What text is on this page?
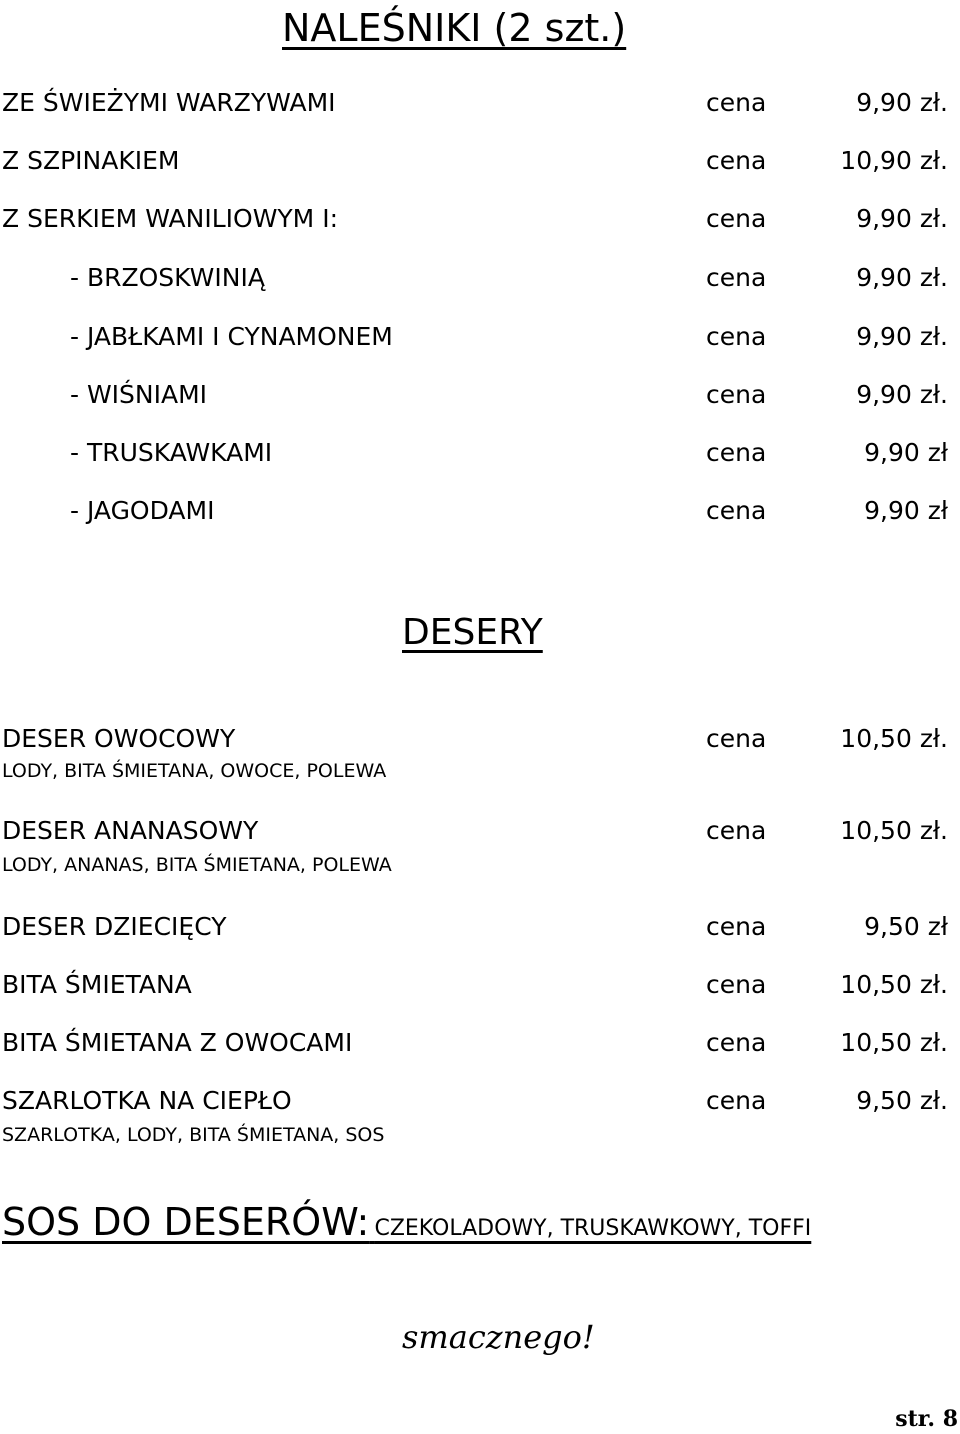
NALEŚNIKI (2 szt.)
ZE ŚWIEŻYMI WARZYWAMI	cena	9,90 zł.
Z SZPINAKIEM	cena	10,90 zł.
Z SERKIEM WANILIOWYM I:	cena	9,90 zł.
- BRZOSKWINIĄ	cena	9,90 zł.
- JABŁKAMI I CYNAMONEM	cena	9,90 zł.
- WIŚNIAMI	cena	9,90 zł.
- TRUSKAWKAMI	cena	9,90 zł
- JAGODAMI	cena	9,90 zł
DESERY
DESER OWOCOWY	cena	10,50 zł.
LODY, BITA ŚMIETANA, OWOCE, POLEWA
DESER ANANASOWY	cena	10,50 zł.
LODY, ANANAS, BITA ŚMIETANA, POLEWA
DESER DZIECIĘCY	cena	9,50 zł
BITA ŚMIETANA	cena	10,50 zł.
BITA ŚMIETANA Z OWOCAMI	cena	10,50 zł.
SZARLOTKA NA CIEPŁO	cena	9,50 zł.
SZARLOTKA, LODY, BITA ŚMIETANA, SOS
SOS DO DESERÓW: CZEKOLADOWY, TRUSKAWKOWY, TOFFI
smacznego!
str. 8
